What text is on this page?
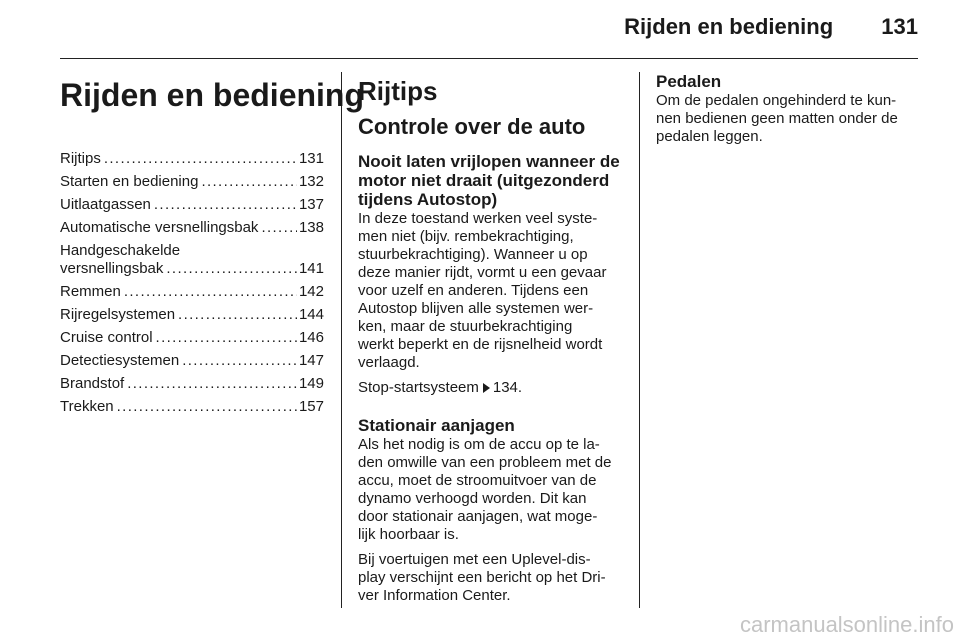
Rijden en bediening 131
Rijden en bediening
Rijtips . . .	131
Starten en bediening . . .	132
Uitlaatgassen . . .	137
Automatische versnellingsbak . . .	138
Handgeschakelde
versnellingsbak . . .	141
Remmen . . .	142
Rijregelsystemen . . .	144
Cruise control . . .	146
Detectiesystemen . . .	147
Brandstof . . .	149
Trekken . . .	157
Rijtips
Controle over de auto
Nooit laten vrijlopen wanneer de
motor niet draait (uitgezonderd
tijdens Autostop)

In deze toestand werken veel syste-
men niet (bijv. rembekrachtiging,
stuurbekrachtiging). Wanneer u op
deze manier rijdt, vormt u een gevaar
voor uzelf en anderen. Tijdens een
Autostop blijven alle systemen wer-
ken, maar de stuurbekrachtiging
werkt beperkt en de rijsnelheid wordt
verlaagd.

Stop-startsysteem 134.

Stationair aanjagen

Als het nodig is om de accu op te la-
den omwille van een probleem met de
accu, moet de stroomuitvoer van de
dynamo verhoogd worden. Dit kan
door stationair aanjagen, wat moge-
lijk hoorbaar is.

Bij voertuigen met een Uplevel-dis-
play verschijnt een bericht op het Dri-
ver Information Center.

Pedalen

Om de pedalen ongehinderd te kun-
nen bedienen geen matten onder de
pedalen leggen.

carmanualsonline.info
